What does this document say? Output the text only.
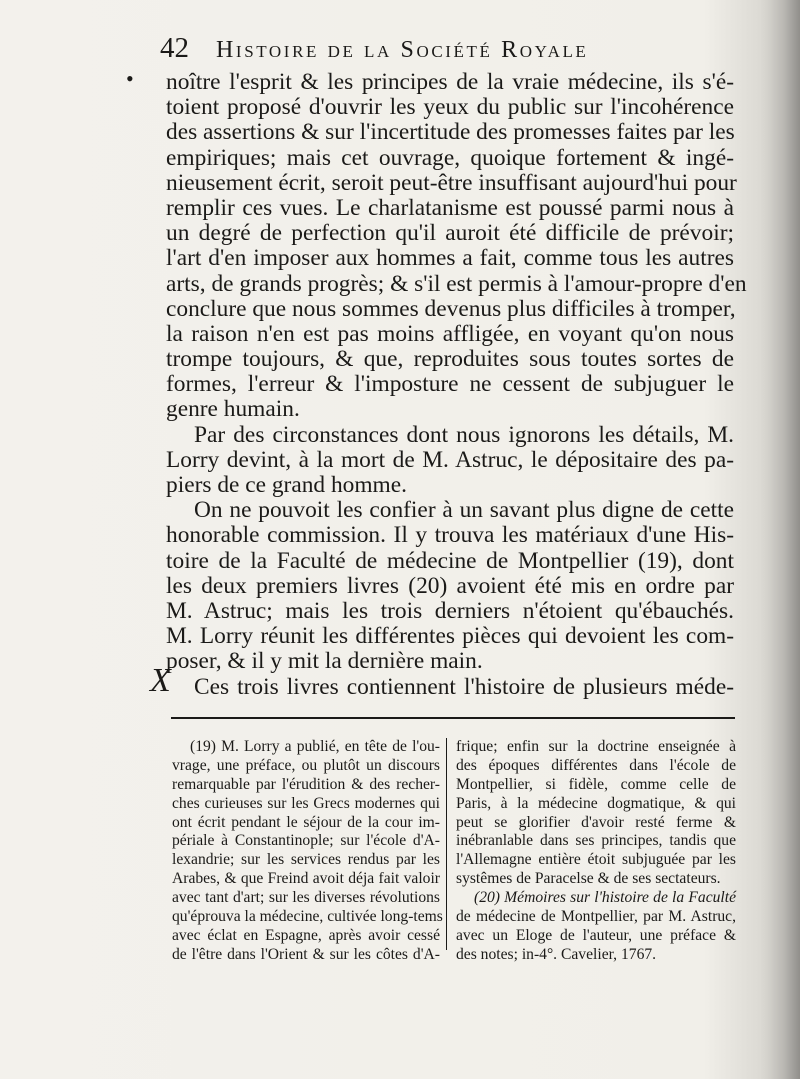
42	Histoire de la Société Royale
•
X
noître l'esprit & les principes de la vraie médecine, ils s'é-
toient proposé d'ouvrir les yeux du public sur l'incohérence
des assertions & sur l'incertitude des promesses faites par les
empiriques; mais cet ouvrage, quoique fortement & ingé-
nieusement écrit, seroit peut-être insuffisant aujourd'hui pour
remplir ces vues. Le charlatanisme est poussé parmi nous à
un degré de perfection qu'il auroit été difficile de prévoir;
l'art d'en imposer aux hommes a fait, comme tous les autres
arts, de grands progrès; & s'il est permis à l'amour-propre d'en
conclure que nous sommes devenus plus difficiles à tromper,
la raison n'en est pas moins affligée, en voyant qu'on nous
trompe toujours, & que, reproduites sous toutes sortes de
formes, l'erreur & l'imposture ne cessent de subjuguer le
genre humain.
Par des circonstances dont nous ignorons les détails, M.
Lorry devint, à la mort de M. Astruc, le dépositaire des pa-
piers de ce grand homme.
On ne pouvoit les confier à un savant plus digne de cette
honorable commission. Il y trouva les matériaux d'une His-
toire de la Faculté de médecine de Montpellier (19), dont
les deux premiers livres (20) avoient été mis en ordre par
M. Astruc; mais les trois derniers n'étoient qu'ébauchés.
M. Lorry réunit les différentes pièces qui devoient les com-
poser, & il y mit la dernière main.
Ces trois livres contiennent l'histoire de plusieurs méde-
(19) M. Lorry a publié, en tête de l'ou-
vrage, une préface, ou plutôt un discours
remarquable par l'érudition & des recher-
ches curieuses sur les Grecs modernes qui
ont écrit pendant le séjour de la cour im-
périale à Constantinople; sur l'école d'A-
lexandrie; sur les services rendus par les
Arabes, & que Freind avoit déja fait valoir
avec tant d'art; sur les diverses révolutions
qu'éprouva la médecine, cultivée long-tems
avec éclat en Espagne, après avoir cessé
de l'être dans l'Orient & sur les côtes d'A-
frique; enfin sur la doctrine enseignée à
des époques différentes dans l'école de
Montpellier, si fidèle, comme celle de
Paris, à la médecine dogmatique, & qui
peut se glorifier d'avoir resté ferme &
inébranlable dans ses principes, tandis que
l'Allemagne entière étoit subjuguée par les
systêmes de Paracelse & de ses sectateurs.
(20) Mémoires sur l'histoire de la Faculté
de médecine de Montpellier, par M. Astruc,
avec un Eloge de l'auteur, une préface &
des notes; in-4°. Cavelier, 1767.
